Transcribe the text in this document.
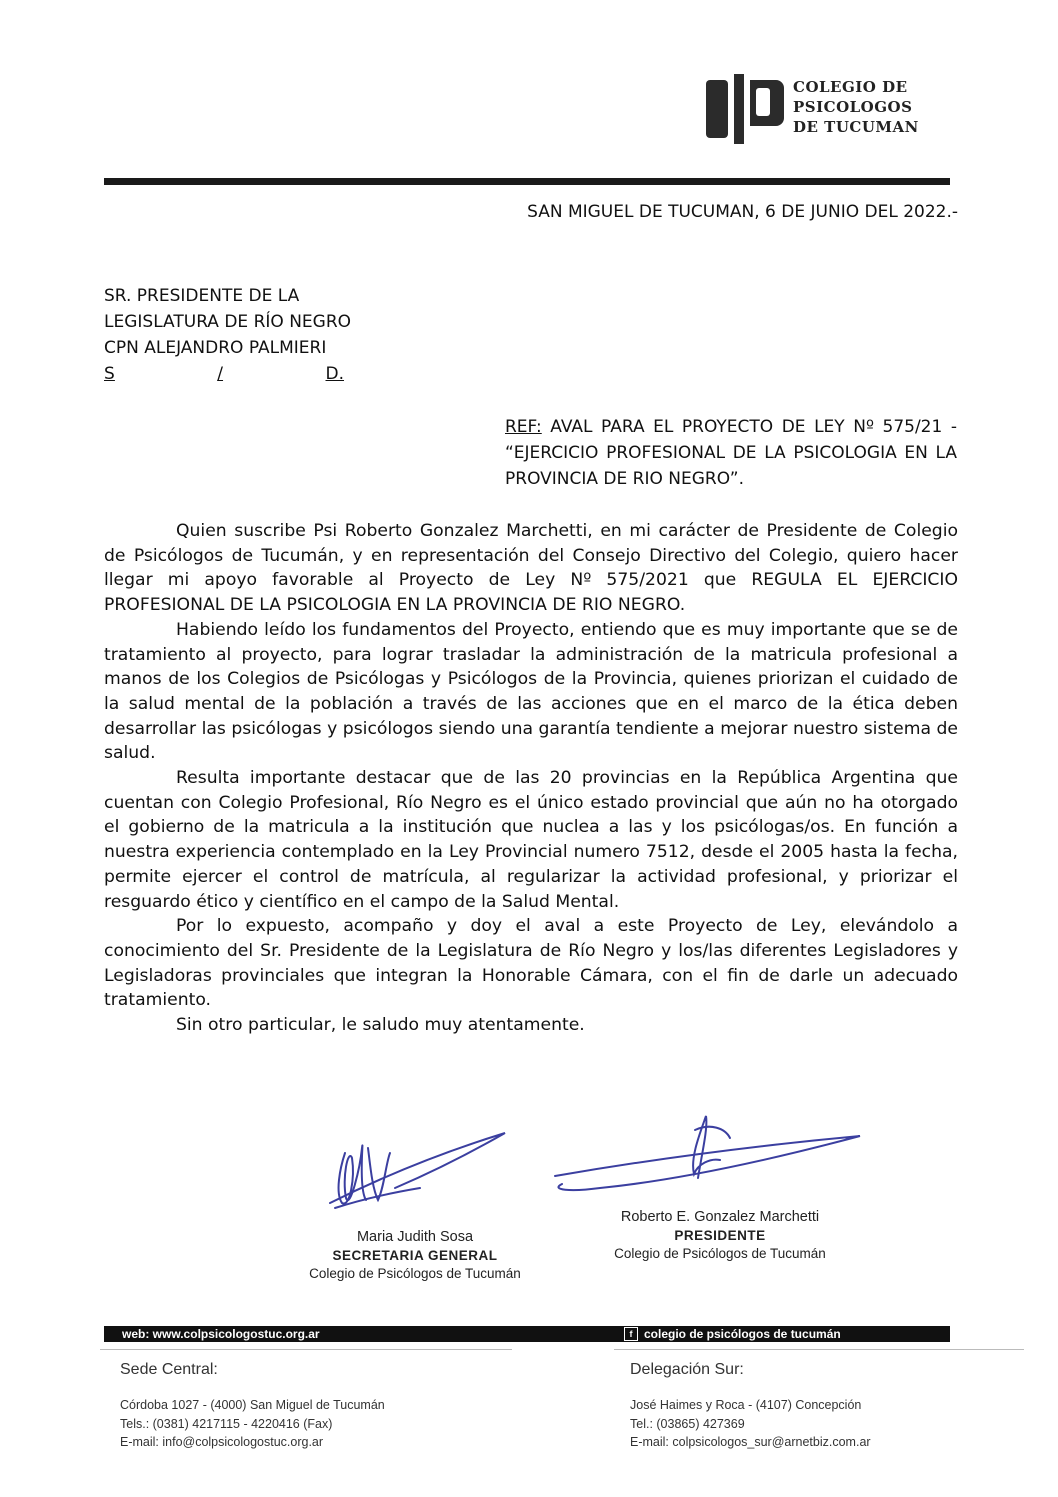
COLEGIO DE
PSICOLOGOS
DE TUCUMAN
SAN MIGUEL DE TUCUMAN, 6 DE JUNIO DEL 2022.-
SR. PRESIDENTE DE LA
LEGISLATURA DE RÍO NEGRO
CPN ALEJANDRO PALMIERI
S	/	D.
REF: AVAL PARA EL PROYECTO DE LEY Nº 575/21 - “EJERCICIO PROFESIONAL DE LA PSICOLOGIA EN LA PROVINCIA DE RIO NEGRO”.

Quien suscribe Psi Roberto Gonzalez Marchetti, en mi carácter de Presidente de Colegio de Psicólogos de Tucumán, y en representación del Consejo Directivo del Colegio, quiero hacer llegar mi apoyo favorable al Proyecto de Ley Nº 575/2021 que REGULA EL EJERCICIO PROFESIONAL DE LA PSICOLOGIA EN LA PROVINCIA DE RIO NEGRO.

Habiendo leído los fundamentos del Proyecto, entiendo que es muy importante que se de tratamiento al proyecto, para lograr trasladar la administración de la matricula profesional a manos de los Colegios de Psicólogas y Psicólogos de la Provincia, quienes priorizan el cuidado de la salud mental de la población a través de las acciones que en el marco de la ética deben desarrollar las psicólogas y psicólogos siendo una garantía tendiente a mejorar nuestro sistema de salud.

Resulta importante destacar que de las 20 provincias en la República Argentina que cuentan con Colegio Profesional, Río Negro es el único estado provincial que aún no ha otorgado el gobierno de la matricula a la institución que nuclea a las y los psicólogas/os. En función a nuestra experiencia contemplado en la Ley Provincial numero 7512, desde el 2005 hasta la fecha, permite ejercer el control de matrícula, al regularizar la actividad profesional, y priorizar el resguardo ético y científico en el campo de la Salud Mental.

Por lo expuesto, acompaño y doy el aval a este Proyecto de Ley, elevándolo a conocimiento del Sr. Presidente de la Legislatura de Río Negro y los/las diferentes Legisladores y Legisladoras provinciales que integran la Honorable Cámara, con el fin de darle un adecuado tratamiento.

Sin otro particular, le saludo muy atentamente.

Maria Judith Sosa
SECRETARIA GENERAL
Colegio de Psicólogos de Tucumán
Roberto E. Gonzalez Marchetti
PRESIDENTE
Colegio de Psicólogos de Tucumán
web: www.colpsicologostuc.org.ar	f colegio de psicólogos de tucumán
Sede Central:
Córdoba 1027 - (4000) San Miguel de Tucumán
Tels.: (0381) 4217115 - 4220416 (Fax)
E-mail: info@colpsicologostuc.org.ar
Delegación Sur:
José Haimes y Roca - (4107) Concepción
Tel.: (03865) 427369
E-mail: colpsicologos_sur@arnetbiz.com.ar
